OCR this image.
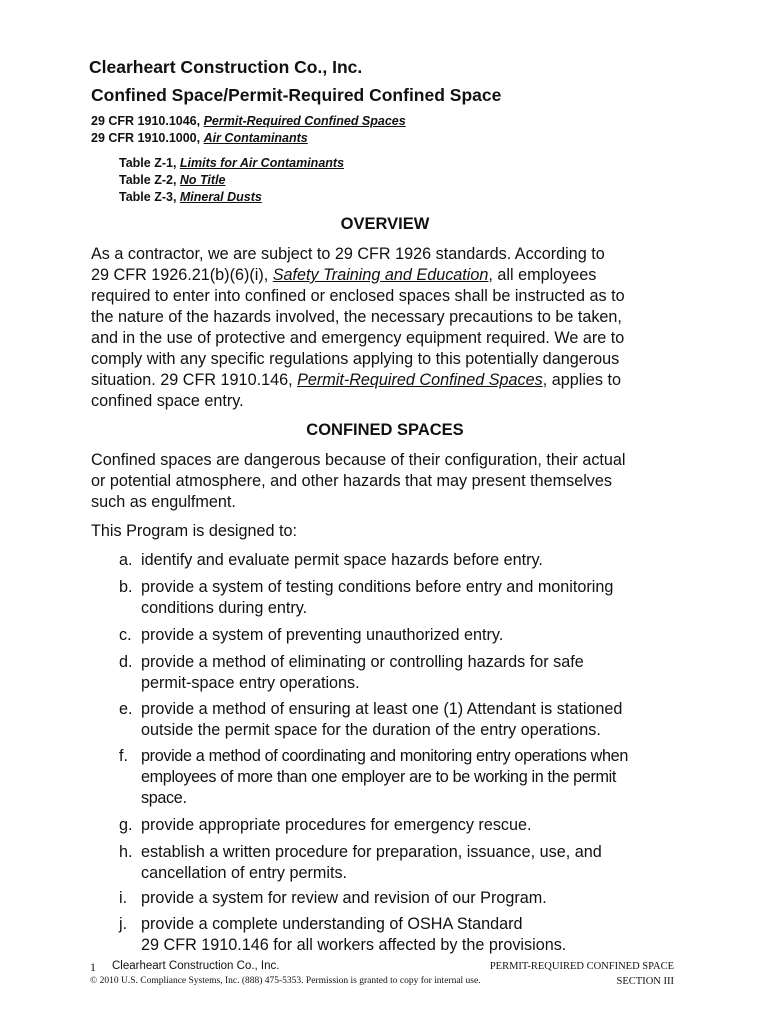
Clearheart Construction Co., Inc.
Confined Space/Permit-Required Confined Space
29 CFR 1910.1046, Permit-Required Confined Spaces
29 CFR 1910.1000, Air Contaminants
Table Z-1, Limits for Air Contaminants
Table Z-2, No Title
Table Z-3, Mineral Dusts
OVERVIEW
As a contractor, we are subject to 29 CFR 1926 standards. According to
29 CFR 1926.21(b)(6)(i), Safety Training and Education, all employees
required to enter into confined or enclosed spaces shall be instructed as to
the nature of the hazards involved, the necessary precautions to be taken,
and in the use of protective and emergency equipment required. We are to
comply with any specific regulations applying to this potentially dangerous
situation. 29 CFR 1910.146, Permit-Required Confined Spaces, applies to
confined space entry.
CONFINED SPACES
Confined spaces are dangerous because of their configuration, their actual
or potential atmosphere, and other hazards that may present themselves
such as engulfment.
This Program is designed to:
a. identify and evaluate permit space hazards before entry.
b. provide a system of testing conditions before entry and monitoring
conditions during entry.
c. provide a system of preventing unauthorized entry.
d. provide a method of eliminating or controlling hazards for safe
permit-space entry operations.
e. provide a method of ensuring at least one (1) Attendant is stationed
outside the permit space for the duration of the entry operations.
f. provide a method of coordinating and monitoring entry operations when
employees of more than one employer are to be working in the permit
space.
g. provide appropriate procedures for emergency rescue.
h. establish a written procedure for preparation, issuance, use, and
cancellation of entry permits.
i. provide a system for review and revision of our Program.
j. provide a complete understanding of OSHA Standard
29 CFR 1910.146 for all workers affected by the provisions.
1 Clearheart Construction Co., Inc.
© 2010 U.S. Compliance Systems, Inc. (888) 475-5353. Permission is granted to copy for internal use.
PERMIT-REQUIRED CONFINED SPACE
SECTION III
